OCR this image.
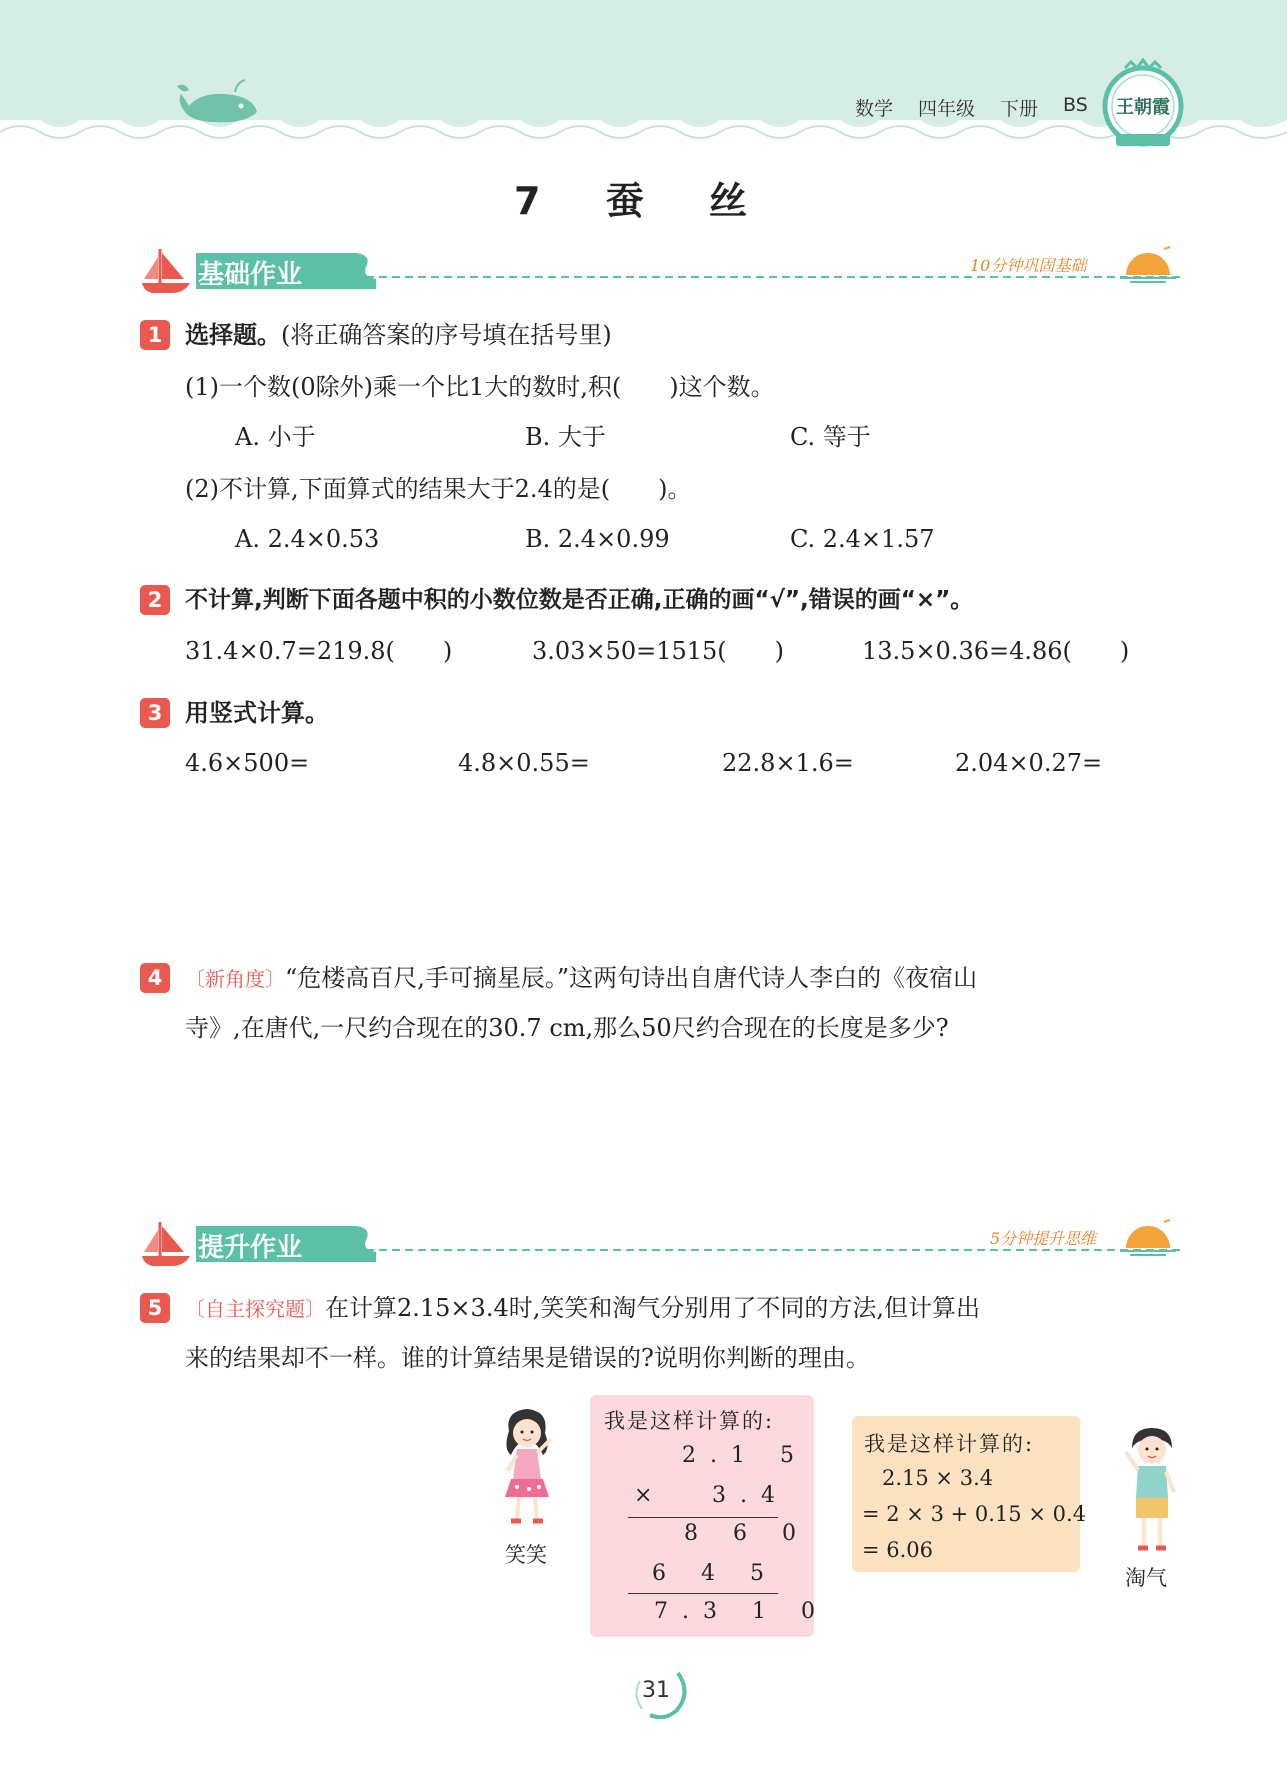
数学 四年级 下册 BS	王朝霞
7 蚕 丝
基础作业	10分钟巩固基础
1 选择题。(将正确答案的序号填在括号里)
(1)一个数(0除外)乘一个比1大的数时,积(　　)这个数。
A. 小于	B. 大于	C. 等于
(2)不计算,下面算式的结果大于2.4的是(　　)。
A. 2.4×0.53	B. 2.4×0.99	C. 2.4×1.57
2 不计算,判断下面各题中积的小数位数是否正确,正确的画“√”,错误的画“×”。
31.4×0.7=219.8(　　)	3.03×50=1515(　　)	13.5×0.36=4.86(　　)
3 用竖式计算。
4.6×500=	4.8×0.55=	22.8×1.6=	2.04×0.27=
4	〔新角度〕“危楼高百尺,手可摘星辰。”这两句诗出自唐代诗人李白的《夜宿山
寺》,在唐代,一尺约合现在的30.7 cm,那么50尺约合现在的长度是多少?
提升作业	5分钟提升思维
5	〔自主探究题〕在计算2.15×3.4时,笑笑和淘气分别用了不同的方法,但计算出
来的结果却不一样。谁的计算结果是错误的?说明你判断的理由。
笑笑
我是这样计算的:
2.1 5
×	3.4
8 6 0
6 4 5
7.3 1 0
我是这样计算的:
2.15 × 3.4
= 2 × 3 + 0.15 × 0.4
= 6.06
淘气
31
